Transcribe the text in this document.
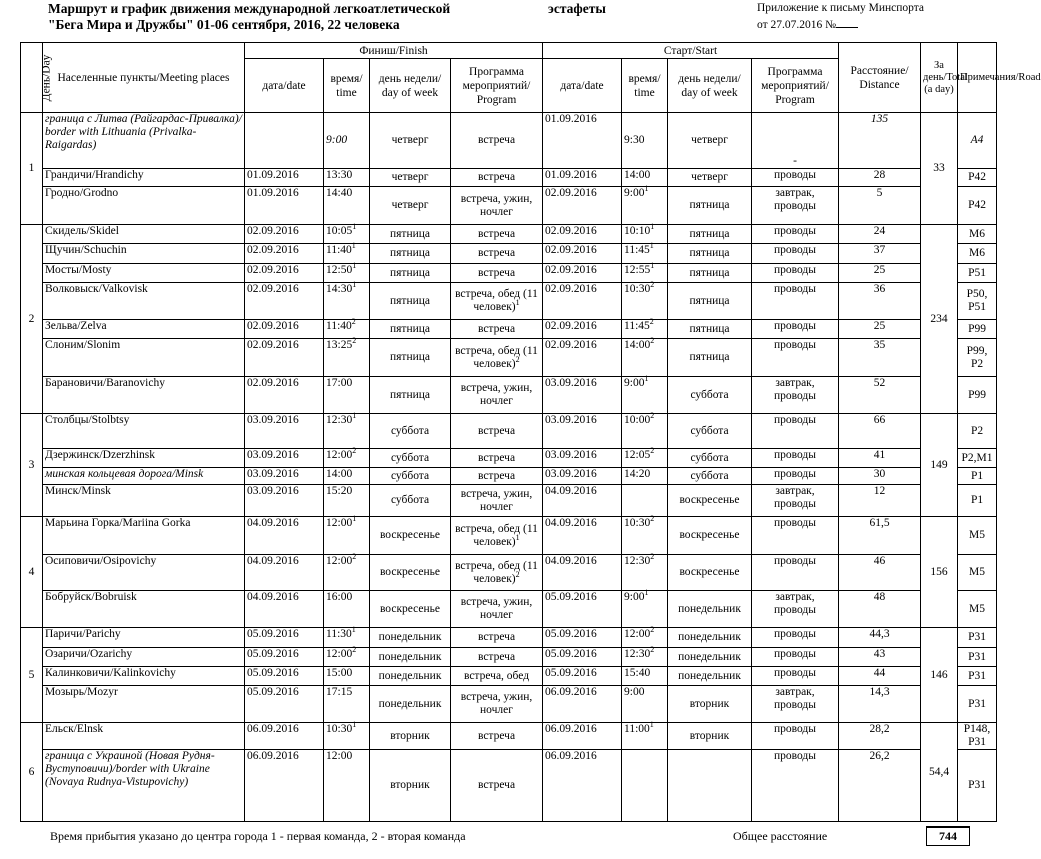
Маршрут и график движения международной легкоатлетической	эстафеты
"Бега Мира и Дружбы" 01-06 сентября, 2016, 22 человека
Приложение к письму Минспорта
от 27.07.2016 №
День/Day	Населенные пункты/Meeting places	Финиш/Finish				Старт/Start				Расстояние/ Distance	За день/Total (a day)	Примечания/Road
		дата/date	время/ time	день недели/ day of week	Программа мероприятий/ Program	дата/date	время/ time	день недели/ day of week	Программа мероприятий/ Program			
1	граница с Литва (Райгардас-Привалка)/ border with Lithuania (Privalka-Raigardas)		9:00	четверг	встреча	01.09.2016	9:30	четверг	-	135	33	А4
	Грандичи/Hrandichy	01.09.2016	13:30	четверг	встреча	01.09.2016	14:00	четверг	проводы	28		Р42
	Гродно/Grodno	01.09.2016	14:40	четверг	встреча, ужин, ночлег	02.09.2016	$9:00^1$	пятница	завтрак, проводы	5		Р42
2	Скидель/Skidel	02.09.2016	$10:05^1$	пятница	встреча	02.09.2016	$10:10^1$	пятница	проводы	24	234	М6
	Щучин/Schuchin	02.09.2016	$11:40^1$	пятница	встреча	02.09.2016	$11:45^1$	пятница	проводы	37		М6
	Мосты/Mosty	02.09.2016	$12:50^1$	пятница	встреча	02.09.2016	$12:55^1$	пятница	проводы	25		Р51
	Волковыск/Valkovisk	02.09.2016	$14:30^1$	пятница	встреча, обед (11 человек)$^1$	02.09.2016	$10:30^2$	пятница	проводы	36		Р50, Р51
	Зельва/Zelva	02.09.2016	$11:40^2$	пятница	встреча	02.09.2016	$11:45^2$	пятница	проводы	25		Р99
	Слоним/Slonim	02.09.2016	$13:25^2$	пятница	встреча, обед (11 человек)$^2$	02.09.2016	$14:00^2$	пятница	проводы	35		Р99, Р2
	Барановичи/Baranovichy	02.09.2016	17:00	пятница	встреча, ужин, ночлег	03.09.2016	$9:00^1$	суббота	завтрак, проводы	52		Р99
3	Столбцы/Stolbtsy	03.09.2016	$12:30^1$	суббота	встреча	03.09.2016	$10:00^2$	суббота	проводы	66	149	Р2
	Дзержинск/Dzerzhinsk	03.09.2016	$12:00^2$	суббота	встреча	03.09.2016	$12:05^2$	суббота	проводы	41		Р2,М1
	минская кольцевая дорога/Minsk	03.09.2016	14:00	суббота	встреча	03.09.2016	14:20	суббота	проводы	30		Р1
	Минск/Minsk	03.09.2016	15:20	суббота	встреча, ужин, ночлег	04.09.2016		воскресенье	завтрак, проводы	12		Р1
4	Марьина Горка/Mariina Gorka	04.09.2016	$12:00^1$	воскресенье	встреча, обед (11 человек)$^1$	04.09.2016	$10:30^2$	воскресенье	проводы	61,5	156	М5
	Осиповичи/Osipovichy	04.09.2016	$12:00^2$	воскресенье	встреча, обед (11 человек)$^2$	04.09.2016	$12:30^2$	воскресенье	проводы	46		М5
	Бобруйск/Bobruisk	04.09.2016	16:00	воскресенье	встреча, ужин, ночлег	05.09.2016	$9:00^1$	понедельник	завтрак, проводы	48		М5
5	Паричи/Parichy	05.09.2016	$11:30^1$	понедельник	встреча	05.09.2016	$12:00^2$	понедельник	проводы	44,3	146	Р31
	Озаричи/Ozarichy	05.09.2016	$12:00^2$	понедельник	встреча	05.09.2016	$12:30^2$	понедельник	проводы	43		Р31
	Калинковичи/Kalinkovichy	05.09.2016	15:00	понедельник	встреча, обед	05.09.2016	15:40	понедельник	проводы	44		Р31
	Мозырь/Mozyr	05.09.2016	17:15	понедельник	встреча, ужин, ночлег	06.09.2016	9:00	вторник	завтрак, проводы	14,3		Р31
6	Ельск/Elnsk	06.09.2016	$10:30^1$	вторник	встреча	06.09.2016	$11:00^1$	вторник	проводы	28,2	54,4	Р148, Р31
	граница с Украиной (Новая Рудня-Вуступовичи)/border with Ukraine (Novaya Rudnya-Vistupovichy)	06.09.2016	12:00	вторник	встреча	06.09.2016			проводы	26,2		Р31
Время прибытия указано до центра города 1 - первая команда, 2 - вторая команда	Общее расстояние	744
